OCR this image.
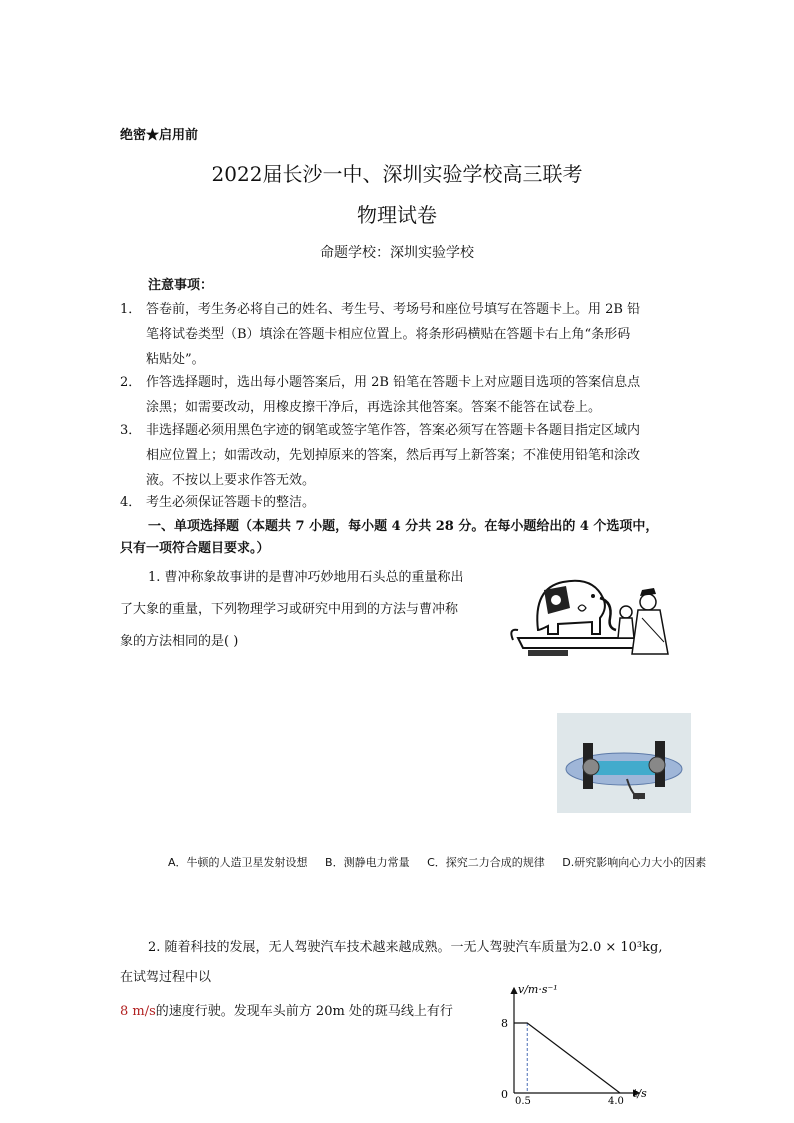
绝密★启用前
2022届长沙一中、深圳实验学校高三联考
物理试卷
命题学校：深圳实验学校
注意事项：
1． 答卷前，考生务必将自己的姓名、考生号、考场号和座位号填写在答题卡上。用 2B 铅
笔将试卷类型（B）填涂在答题卡相应位置上。将条形码横贴在答题卡右上角“条形码
粘贴处”。
2． 作答选择题时，选出每小题答案后，用 2B 铅笔在答题卡上对应题目选项的答案信息点
涂黑；如需要改动，用橡皮擦干净后，再选涂其他答案。答案不能答在试卷上。
3． 非选择题必须用黑色字迹的钢笔或签字笔作答，答案必须写在答题卡各题目指定区域内
相应位置上；如需改动，先划掉原来的答案，然后再写上新答案；不准使用铅笔和涂改
液。不按以上要求作答无效。
4． 考生必须保证答题卡的整洁。
一、单项选择题（本题共 7 小题，每小题 4 分共 28 分。在每小题给出的 4 个选项中，
只有一项符合题目要求。）
1. 曹冲称象故事讲的是曹冲巧妙地用石头总的重量称出
了大象的重量，下列物理学习或研究中用到的方法与曹冲称
象的方法相同的是( )
A．牛顿的人造卫星发射设想 B．测静电力常量 C．探究二力合成的规律 D.研究影响向心力大小的因素
2. 随着科技的发展，无人驾驶汽车技术越来越成熟。一无人驾驶汽车质量为2.0 × 10³kg,
在试驾过程中以
8 m/s的速度行驶。发现车头前方 20m 处的斑马线上有行
v/m·s⁻¹
t/s
0
8
0.5	4.0
